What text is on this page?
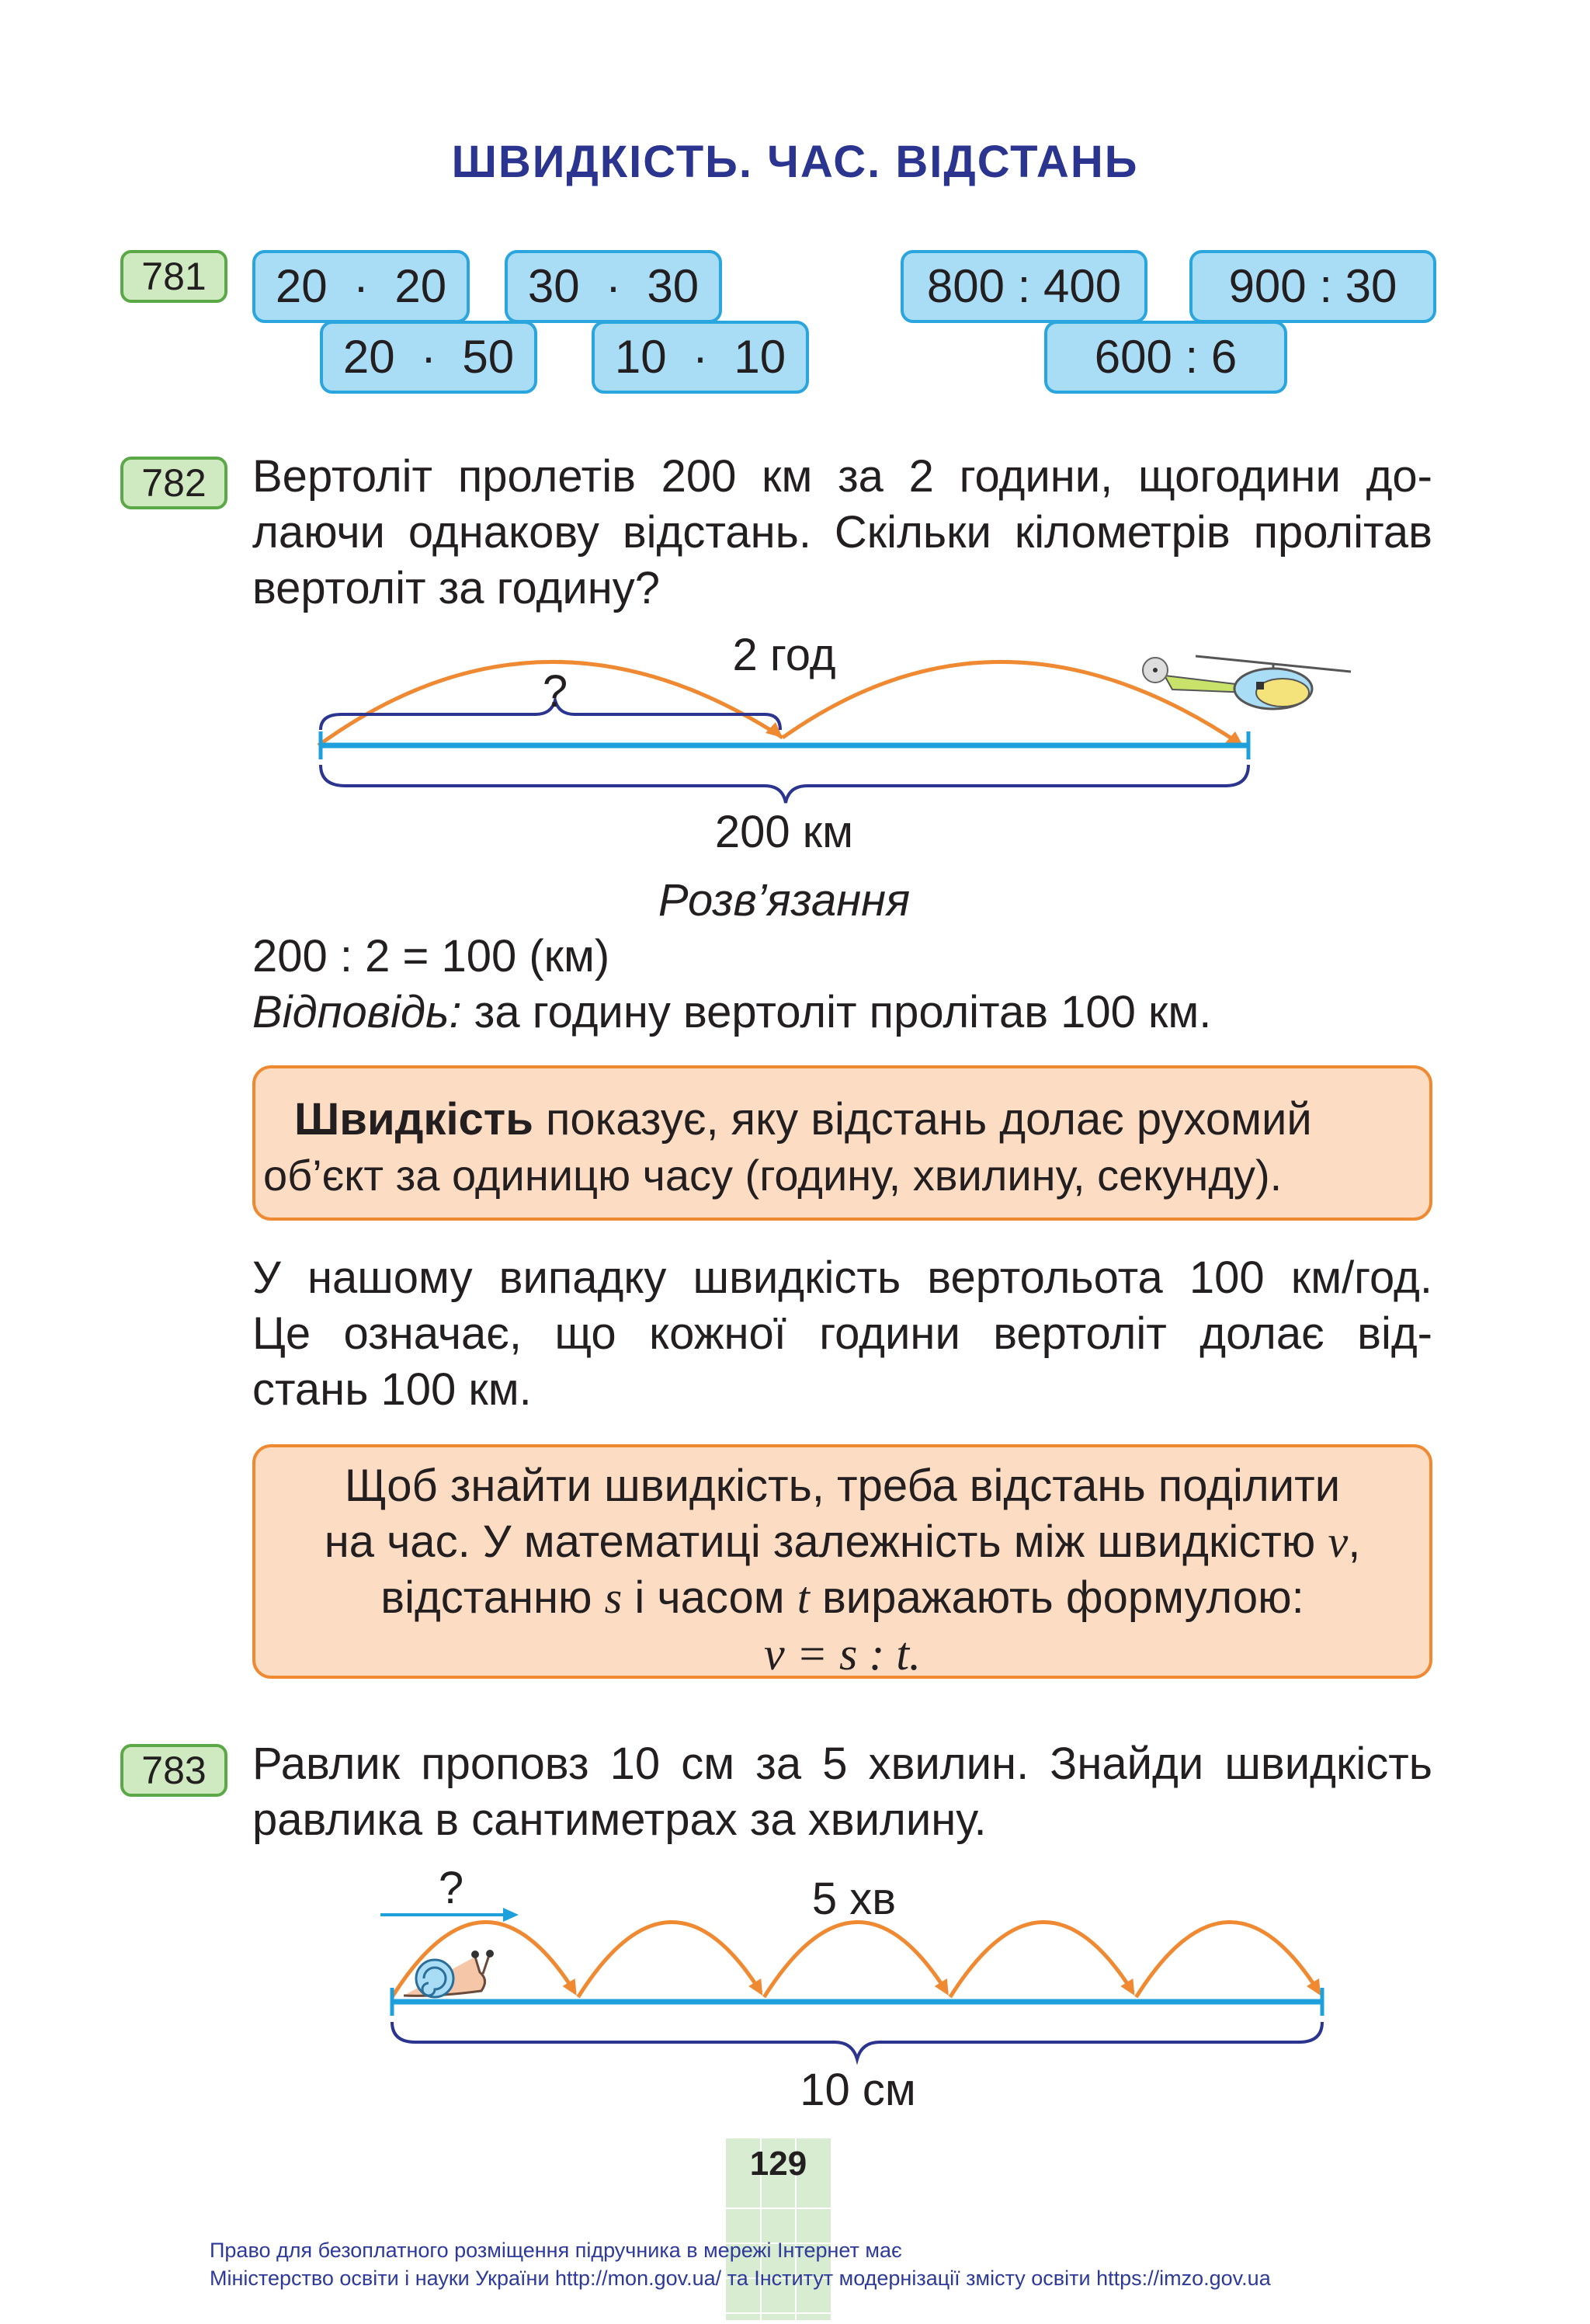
ШВИДКІСТЬ. ЧАС. ВІДСТАНЬ
781	20  ·  20	30  ·  30	800 : 400	900 : 30
20  ·  50	10  ·  10	600 : 6
782	Вертоліт пролетів 200 км за 2 години, щогодини до-
лаючи однакову відстань. Скільки кілометрів пролітав
вертоліт за годину?
?
2 год
200 км
Розв’язання
200 : 2 = 100 (км)
Відповідь: за годину вертоліт пролітав 100 км.
Швидкість показує, яку відстань долає рухомий
об’єкт за одиницю часу (годину, хвилину, секунду).
У нашому випадку швидкість вертольота 100 км/год.
Це означає, що кожної години вертоліт долає від-
стань 100 км.
Щоб знайти швидкість, треба відстань поділити
на час. У математиці залежність між швидкістю v,
відстанню s і часом t виражають формулою:
v = s : t.
783	Равлик проповз 10 см за 5 хвилин. Знайди швидкість
равлика в сантиметрах за хвилину.
?	5 хв
10 см
129
Право для безоплатного розміщення підручника в мережі Інтернет має
Міністерство освіти і науки України http://mon.gov.ua/ та Інститут модернізації змісту освіти https://imzo.gov.ua
